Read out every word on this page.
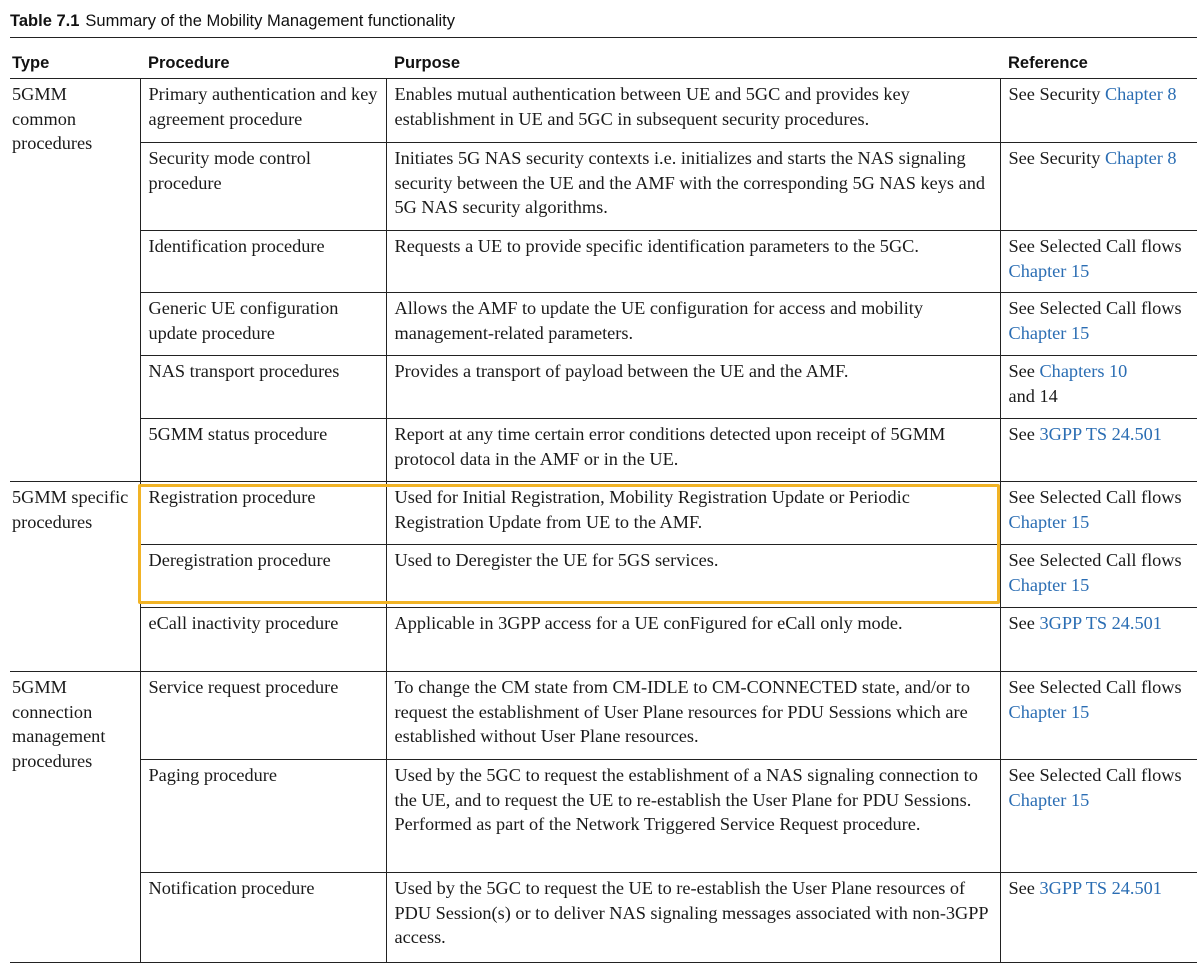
Table 7.1 Summary of the Mobility Management functionality
Type	Procedure	Purpose	Reference
5GMM common procedures	Primary authentication and key agreement procedure	Enables mutual authentication between UE and 5GC and provides key establishment in UE and 5GC in subsequent security procedures.	See Security Chapter 8
	Security mode control procedure	Initiates 5G NAS security contexts i.e. initializes and starts the NAS signaling security between the UE and the AMF with the corresponding 5G NAS keys and 5G NAS security algorithms.	See Security Chapter 8
	Identification procedure	Requests a UE to provide specific identification parameters to the 5GC.	See Selected Call flows Chapter 15
	Generic UE configuration update procedure	Allows the AMF to update the UE configuration for access and mobility management-related parameters.	See Selected Call flows Chapter 15
	NAS transport procedures	Provides a transport of payload between the UE and the AMF.	See Chapters 10
and 14
	5GMM status procedure	Report at any time certain error conditions detected upon receipt of 5GMM protocol data in the AMF or in the UE.	See 3GPP TS 24.501
5GMM specific procedures	Registration procedure	Used for Initial Registration, Mobility Registration Update or Periodic Registration Update from UE to the AMF.	See Selected Call flows Chapter 15
	Deregistration procedure	Used to Deregister the UE for 5GS services.	See Selected Call flows Chapter 15
	eCall inactivity procedure	Applicable in 3GPP access for a UE conFigured for eCall only mode.	See 3GPP TS 24.501
5GMM connection management procedures	Service request procedure	To change the CM state from CM-IDLE to CM-CONNECTED state, and/or to request the establishment of User Plane resources for PDU Sessions which are established without User Plane resources.	See Selected Call flows Chapter 15
	Paging procedure	Used by the 5GC to request the establishment of a NAS signaling connection to the UE, and to request the UE to re-establish the User Plane for PDU Sessions. Performed as part of the Network Triggered Service Request procedure.	See Selected Call flows Chapter 15
	Notification procedure	Used by the 5GC to request the UE to re-establish the User Plane resources of PDU Session(s) or to deliver NAS signaling messages associated with non-3GPP access.	See 3GPP TS 24.501
